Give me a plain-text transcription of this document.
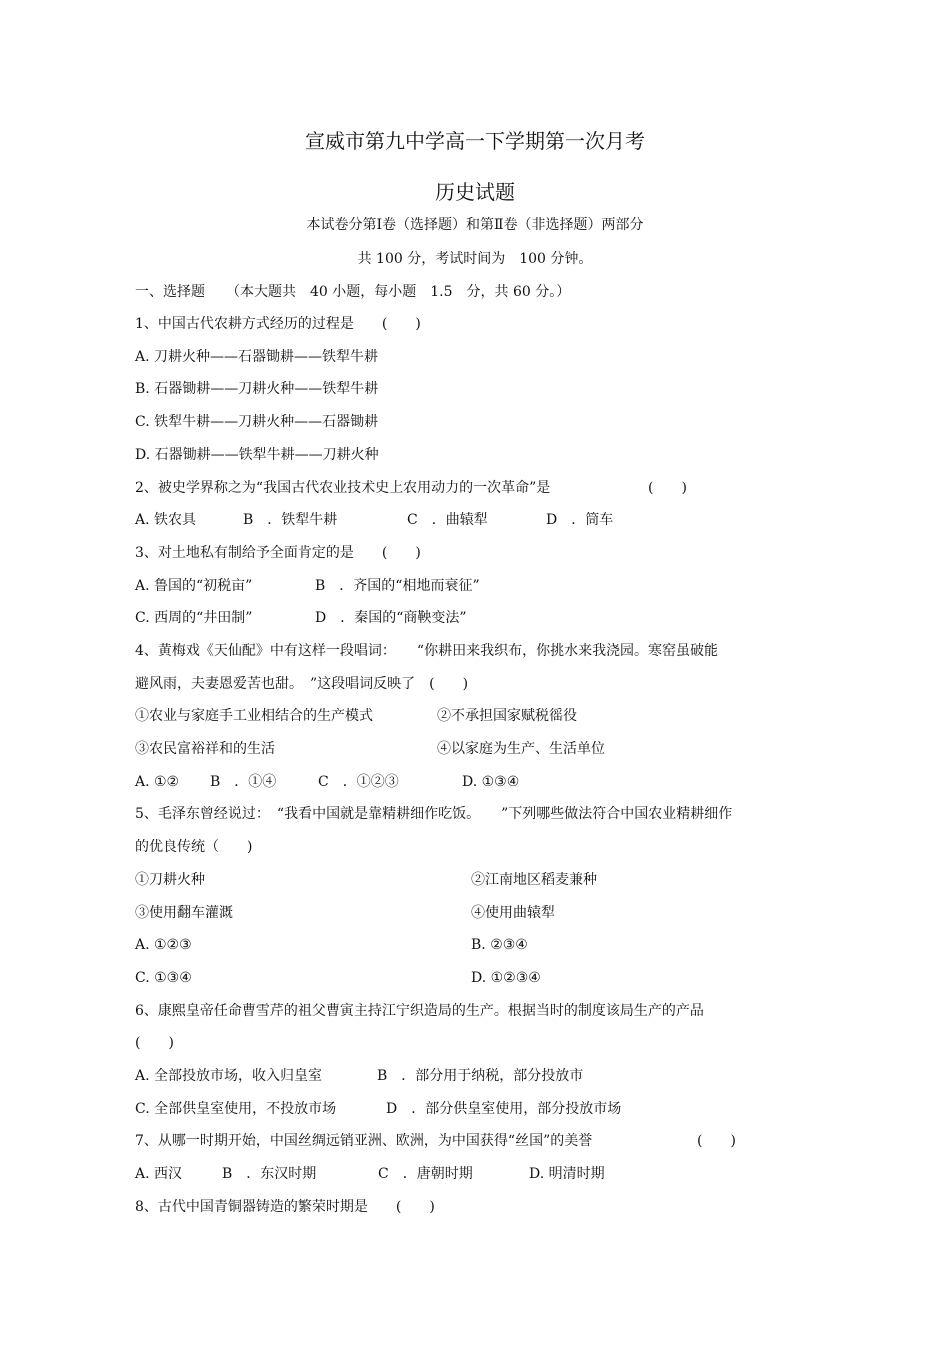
宣威市第九中学高一下学期第一次月考
历史试题
本试卷分第Ⅰ卷（选择题）和第Ⅱ卷（非选择题）两部分
共 100 分，考试时间为　100 分钟。
一、选择题　　（本大题共　40 小题，每小题　1.5　分，共 60 分。）
1、中国古代农耕方式经历的过程是　　(　　)
A. 刀耕火种——石器锄耕——铁犁牛耕
B. 石器锄耕——刀耕火种——铁犁牛耕
C. 铁犁牛耕——刀耕火种——石器锄耕
D. 石器锄耕——铁犁牛耕——刀耕火种
2、被史学界称之为“我国古代农业技术史上农用动力的一次革命”是	(　　)
A. 铁农具	B　．铁犁牛耕	C　．曲辕犁	D　．筒车
3、对土地私有制给予全面肯定的是　　(　　)
A. 鲁国的“初税亩”	B　．齐国的“相地而衰征”
C. 西周的“井田制”	D　．秦国的“商鞅变法”
4、黄梅戏《天仙配》中有这样一段唱词：　　“你耕田来我织布，你挑水来我浇园。寒窑虽破能
避风雨，夫妻恩爱苦也甜。　”这段唱词反映了　(　　)
①农业与家庭手工业相结合的生产模式	②不承担国家赋税徭役
③农民富裕祥和的生活	④以家庭为生产、生活单位
A. ①② B　．①④	C　．①②③	D. ①③④
5、毛泽东曾经说过：　“我看中国就是靠精耕细作吃饭。　　”下列哪些做法符合中国农业精耕细作
的优良传统（　　)
①刀耕火种	②江南地区稻麦兼种
③使用翻车灌溉	④使用曲辕犁
A. ①②③	B. ②③④
C. ①③④	D. ①②③④
6、康熙皇帝任命曹雪芹的祖父曹寅主持江宁织造局的生产。根据当时的制度该局生产的产品
(　　)
A. 全部投放市场，收入归皇室	B　．部分用于纳税，部分投放市
C. 全部供皇室使用，不投放市场	D　．部分供皇室使用，部分投放市场
7、从哪一时期开始，中国丝绸远销亚洲、欧洲，为中国获得“丝国”的美誉	(　　)
A. 西汉	B　．东汉时期	C　．唐朝时期	D. 明清时期
8、古代中国青铜器铸造的繁荣时期是　　(　　)
